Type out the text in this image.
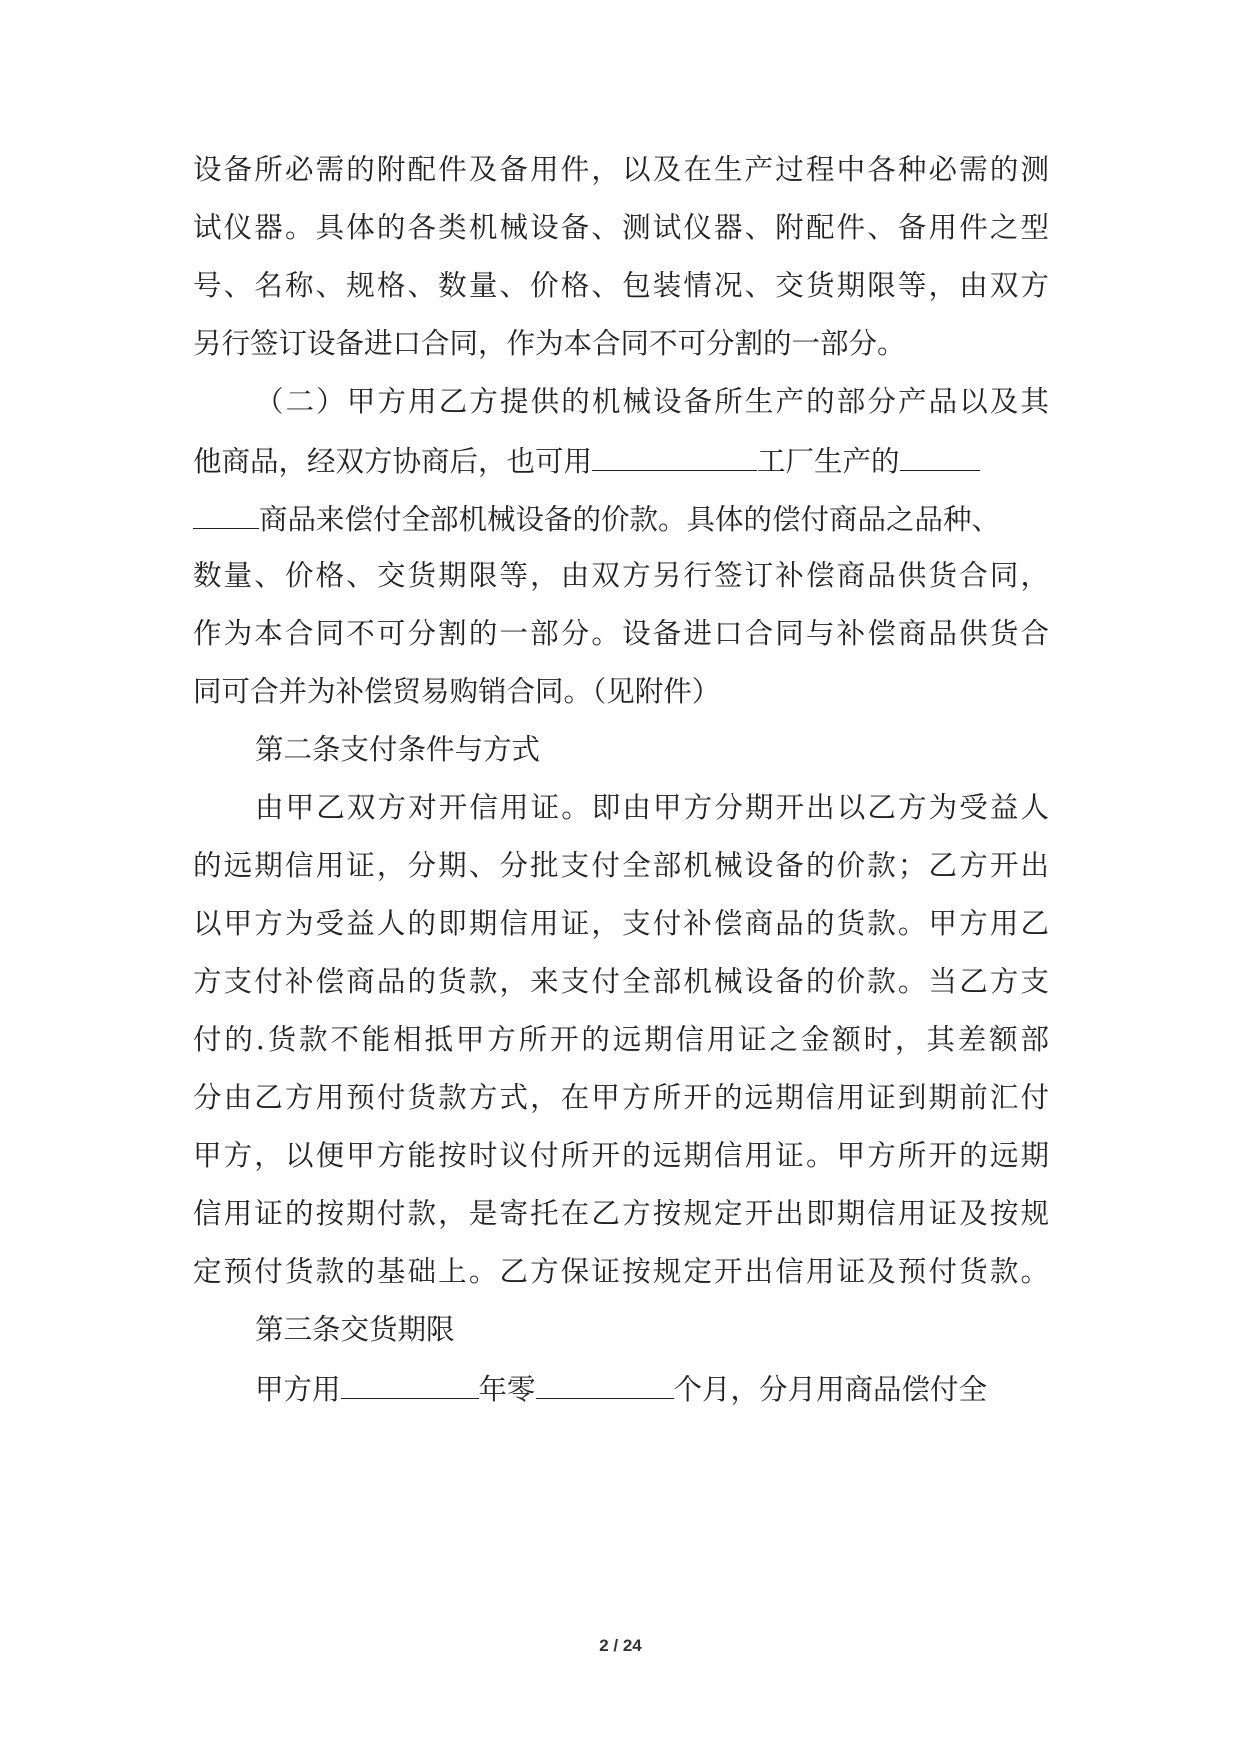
设备所必需的附配件及备用件，以及在生产过程中各种必需的测
试仪器。具体的各类机械设备、测试仪器、附配件、备用件之型
号、名称、规格、数量、价格、包装情况、交货期限等，由双方
另行签订设备进口合同，作为本合同不可分割的一部分。
（二）甲方用乙方提供的机械设备所生产的部分产品以及其
他商品，经双方协商后，也可用	工厂生产的
商品来偿付全部机械设备的价款。具体的偿付商品之品种、
数量、价格、交货期限等，由双方另行签订补偿商品供货合同，
作为本合同不可分割的一部分。设备进口合同与补偿商品供货合
同可合并为补偿贸易购销合同。（见附件）
第二条支付条件与方式
由甲乙双方对开信用证。即由甲方分期开出以乙方为受益人
的远期信用证，分期、分批支付全部机械设备的价款；乙方开出
以甲方为受益人的即期信用证，支付补偿商品的货款。甲方用乙
方支付补偿商品的货款，来支付全部机械设备的价款。当乙方支
付的.货款不能相抵甲方所开的远期信用证之金额时，其差额部
分由乙方用预付货款方式，在甲方所开的远期信用证到期前汇付
甲方，以便甲方能按时议付所开的远期信用证。甲方所开的远期
信用证的按期付款，是寄托在乙方按规定开出即期信用证及按规
定预付货款的基础上。乙方保证按规定开出信用证及预付货款。
第三条交货期限
甲方用	年零	个月，分月用商品偿付全
2 / 24
